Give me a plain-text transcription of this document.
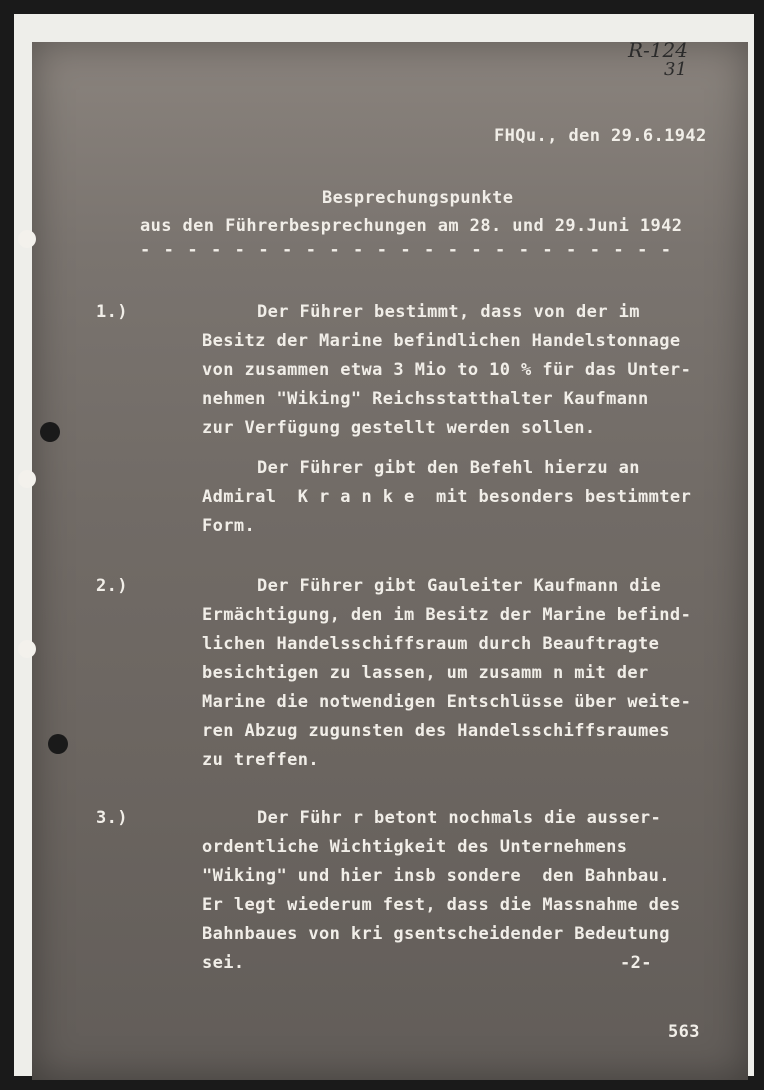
FHQu., den 29.6.1942
Besprechungspunkte
aus den Führerbesprechungen am 28. und 29.Juni 1942
- - - - - - - - - - - - - - - - - - - - - - -
1.)	Der Führer bestimmt, dass von der im
Besitz der Marine befindlichen Handelstonnage
von zusammen etwa 3 Mio to 10 % für das Unter-
nehmen "Wiking" Reichsstatthalter Kaufmann
zur Verfügung gestellt werden sollen.
Der Führer gibt den Befehl hierzu an
Admiral  K r a n k e  mit besonders bestimmter
Form.
2.)	Der Führer gibt Gauleiter Kaufmann die
Ermächtigung, den im Besitz der Marine befind-
lichen Handelsschiffsraum durch Beauftragte
besichtigen zu lassen, um zusamm n mit der
Marine die notwendigen Entschlüsse über weite-
ren Abzug zugunsten des Handelsschiffsraumes
zu treffen.
3.)	Der Führ r betont nochmals die ausser-
ordentliche Wichtigkeit des Unternehmens
"Wiking" und hier insb sondere  den Bahnbau.
Er legt wiederum fest, dass die Massnahme des
Bahnbaues von kri gsentscheidender Bedeutung
sei.	-2-
563
R-124
31
